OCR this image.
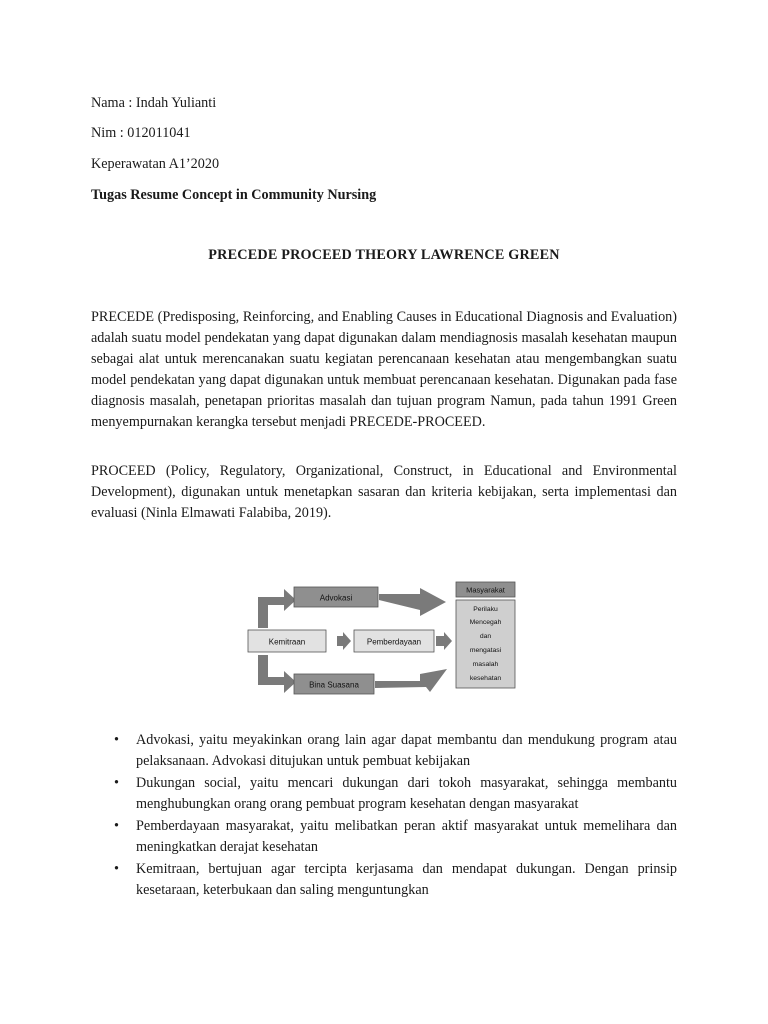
Nama : Indah Yulianti
Nim : 012011041
Keperawatan A1’2020
Tugas Resume Concept in Community Nursing
PRECEDE PROCEED THEORY LAWRENCE GREEN
PRECEDE (Predisposing, Reinforcing, and Enabling Causes in Educational Diagnosis and Evaluation) adalah suatu model pendekatan yang dapat digunakan dalam mendiagnosis masalah kesehatan maupun sebagai alat untuk merencanakan suatu kegiatan perencanaan kesehatan atau mengembangkan suatu model pendekatan yang dapat digunakan untuk membuat perencanaan kesehatan. Digunakan pada fase diagnosis masalah, penetapan prioritas masalah dan tujuan program Namun, pada tahun 1991 Green menyempurnakan kerangka tersebut menjadi PRECEDE-PROCEED.
PROCEED (Policy, Regulatory, Organizational, Construct, in Educational and Environmental Development), digunakan untuk menetapkan sasaran dan kriteria kebijakan, serta implementasi dan evaluasi (Ninla Elmawati Falabiba, 2019).
Advokasi
Kemitraan	Pemberdayaan
Bina Suasana
Masyarakat
Perilaku
Mencegah
dan
mengatasi
masalah
kesehatan
• Advokasi, yaitu meyakinkan orang lain agar dapat membantu dan mendukung program atau pelaksanaan. Advokasi ditujukan untuk pembuat kebijakan
• Dukungan social, yaitu mencari dukungan dari tokoh masyarakat, sehingga membantu menghubungkan orang orang pembuat program kesehatan dengan masyarakat
• Pemberdayaan masyarakat, yaitu melibatkan peran aktif masyarakat untuk memelihara dan meningkatkan derajat kesehatan
• Kemitraan, bertujuan agar tercipta kerjasama dan mendapat dukungan. Dengan prinsip kesetaraan, keterbukaan dan saling menguntungkan
